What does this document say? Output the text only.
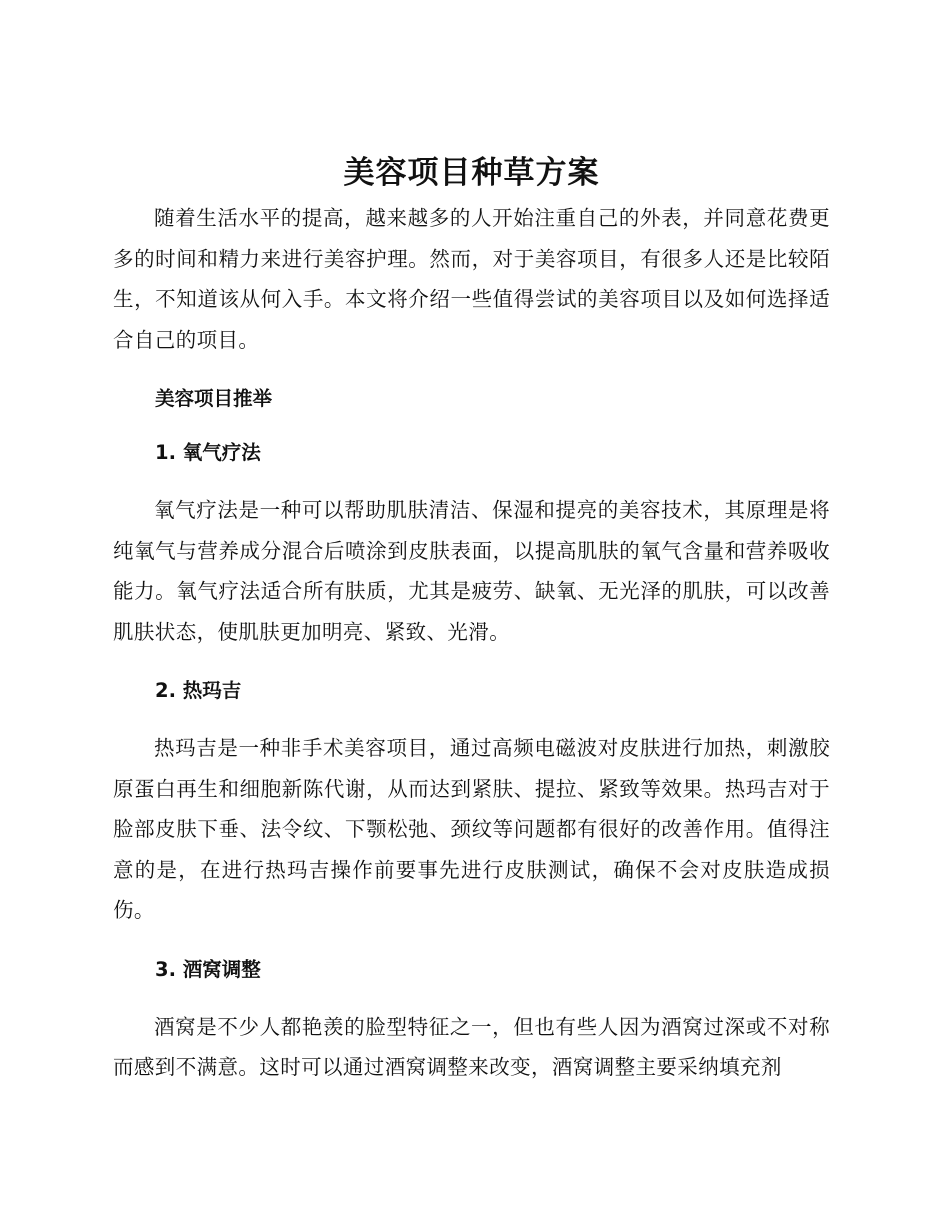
美容项目种草方案

随着生活水平的提高，越来越多的人开始注重自己的外表，并同意花费更多的时间和精力来进行美容护理。然而，对于美容项目，有很多人还是比较陌生，不知道该从何入手。本文将介绍一些值得尝试的美容项目以及如何选择适合自己的项目。

美容项目推举
1. 氧气疗法

氧气疗法是一种可以帮助肌肤清洁、保湿和提亮的美容技术，其原理是将纯氧气与营养成分混合后喷涂到皮肤表面，以提高肌肤的氧气含量和营养吸收能力。氧气疗法适合所有肤质，尤其是疲劳、缺氧、无光泽的肌肤，可以改善肌肤状态，使肌肤更加明亮、紧致、光滑。

2. 热玛吉

热玛吉是一种非手术美容项目，通过高频电磁波对皮肤进行加热，刺激胶原蛋白再生和细胞新陈代谢，从而达到紧肤、提拉、紧致等效果。热玛吉对于脸部皮肤下垂、法令纹、下颚松弛、颈纹等问题都有很好的改善作用。值得注意的是，在进行热玛吉操作前要事先进行皮肤测试，确保不会对皮肤造成损伤。

3. 酒窝调整

酒窝是不少人都艳羡的脸型特征之一，但也有些人因为酒窝过深或不对称而感到不满意。这时可以通过酒窝调整来改变，酒窝调整主要采纳填充剂
